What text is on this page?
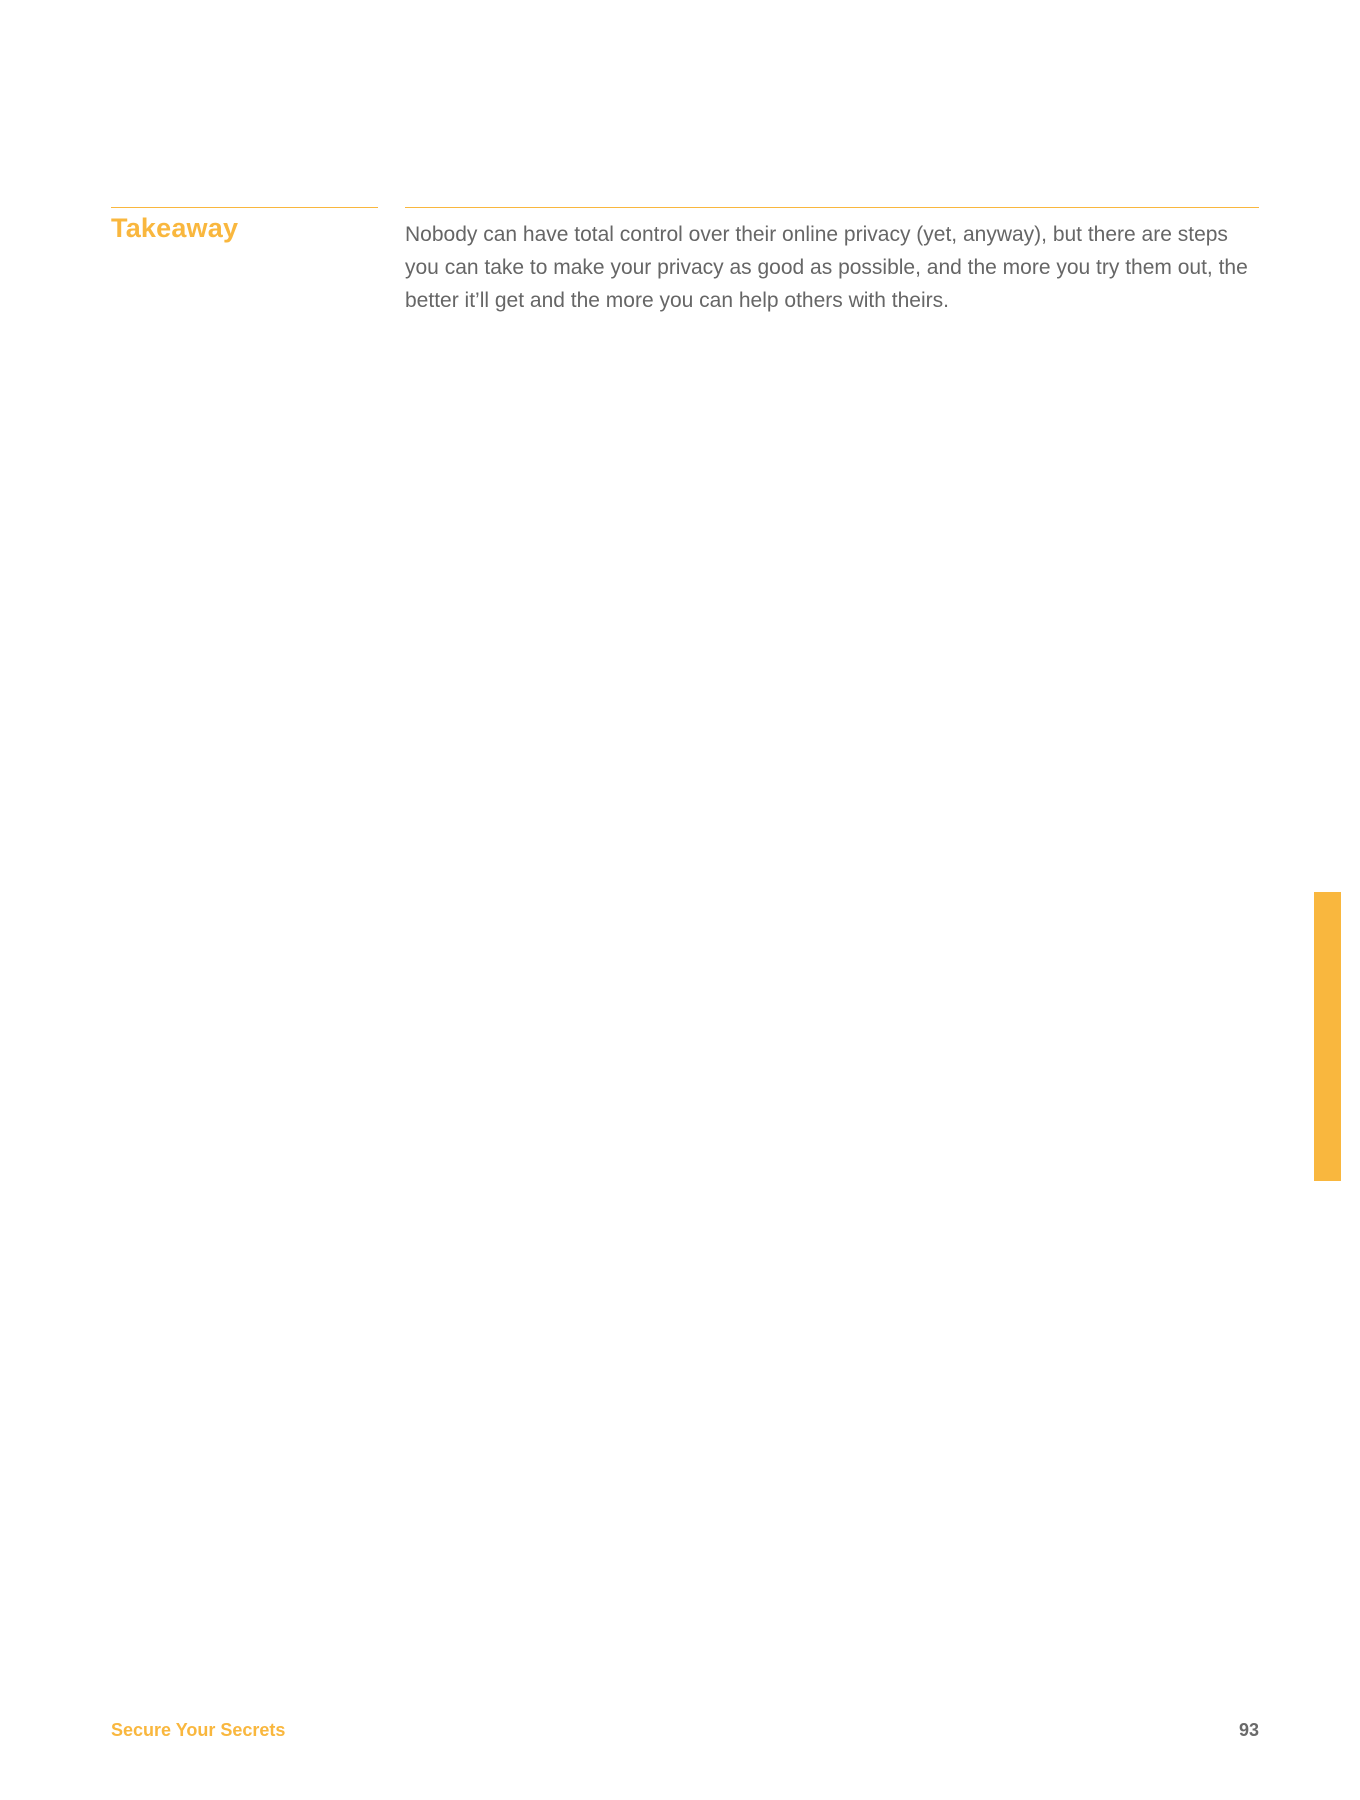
Takeaway	Nobody can have total control over their online privacy (yet, anyway), but there are steps you can take to make your privacy as good as possible, and the more you try them out, the better it’ll get and the more you can help others with theirs.
Secure Your Secrets	93
